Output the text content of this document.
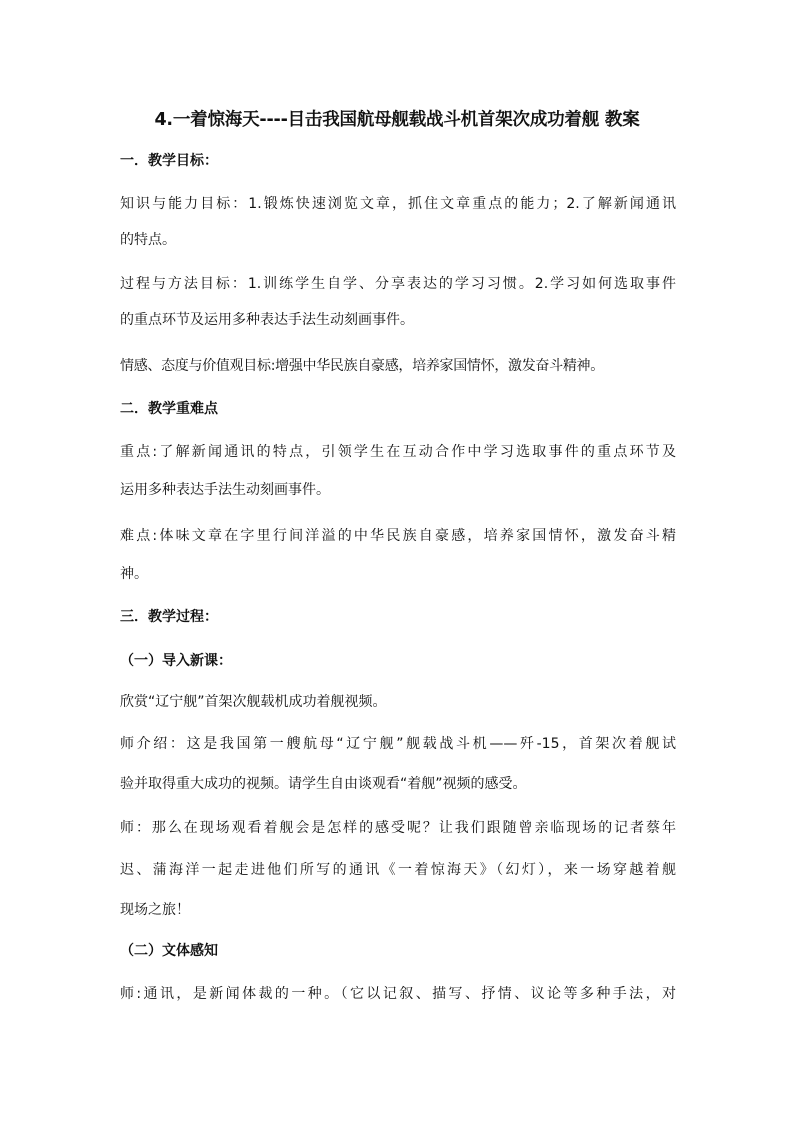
4.一着惊海天----目击我国航母舰载战斗机首架次成功着舰 教案
一．教学目标：
知识与能力目标：1.锻炼快速浏览文章，抓住文章重点的能力；2.了解新闻通讯
的特点。
过程与方法目标：1.训练学生自学、分享表达的学习习惯。2.学习如何选取事件
的重点环节及运用多种表达手法生动刻画事件。
情感、态度与价值观目标:增强中华民族自豪感，培养家国情怀，激发奋斗精神。
二．教学重难点
重点:了解新闻通讯的特点，引领学生在互动合作中学习选取事件的重点环节及
运用多种表达手法生动刻画事件。
难点:体味文章在字里行间洋溢的中华民族自豪感，培养家国情怀，激发奋斗精
神。
三．教学过程：
（一）导入新课：
欣赏“辽宁舰”首架次舰载机成功着舰视频。
师介绍：这是我国第一艘航母“辽宁舰”舰载战斗机——歼-15，首架次着舰试
验并取得重大成功的视频。请学生自由谈观看“着舰”视频的感受。
师：那么在现场观看着舰会是怎样的感受呢？让我们跟随曾亲临现场的记者蔡年
迟、蒲海洋一起走进他们所写的通讯《一着惊海天》（幻灯），来一场穿越着舰
现场之旅！
（二）文体感知
师:通讯，是新闻体裁的一种。（它以记叙、描写、抒情、议论等多种手法，对
